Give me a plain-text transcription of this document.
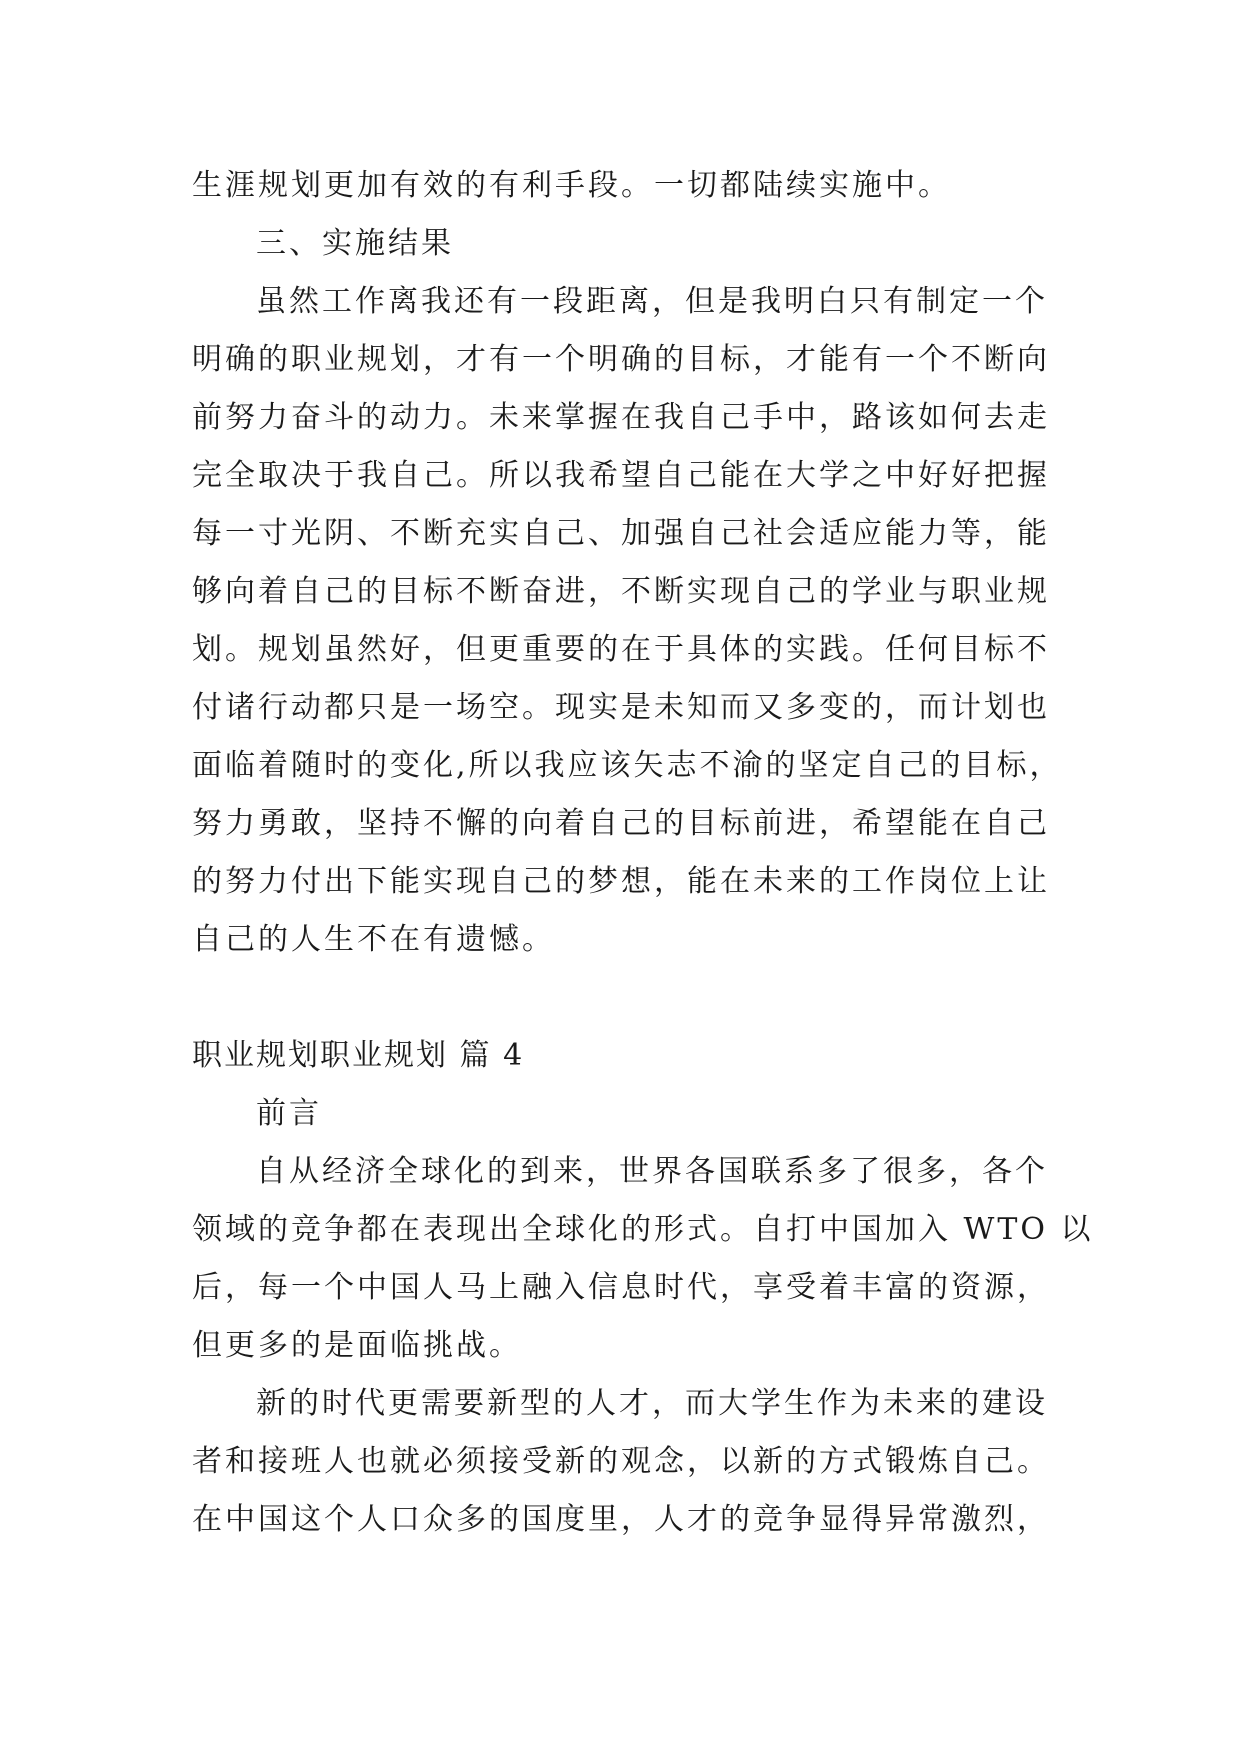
生涯规划更加有效的有利手段。一切都陆续实施中。
三、实施结果
虽然工作离我还有一段距离，但是我明白只有制定一个
明确的职业规划，才有一个明确的目标，才能有一个不断向
前努力奋斗的动力。未来掌握在我自己手中，路该如何去走
完全取决于我自己。所以我希望自己能在大学之中好好把握
每一寸光阴、不断充实自己、加强自己社会适应能力等，能
够向着自己的目标不断奋进，不断实现自己的学业与职业规
划。规划虽然好，但更重要的在于具体的实践。任何目标不
付诸行动都只是一场空。现实是未知而又多变的，而计划也
面临着随时的变化,所以我应该矢志不渝的坚定自己的目标，
努力勇敢，坚持不懈的向着自己的目标前进，希望能在自己
的努力付出下能实现自己的梦想，能在未来的工作岗位上让
自己的人生不在有遗憾。
职业规划职业规划 篇 4
前言
自从经济全球化的到来，世界各国联系多了很多，各个
领域的竞争都在表现出全球化的形式。自打中国加入 WTO 以
后，每一个中国人马上融入信息时代，享受着丰富的资源，
但更多的是面临挑战。
新的时代更需要新型的人才，而大学生作为未来的建设
者和接班人也就必须接受新的观念，以新的方式锻炼自己。
在中国这个人口众多的国度里，人才的竞争显得异常激烈，
